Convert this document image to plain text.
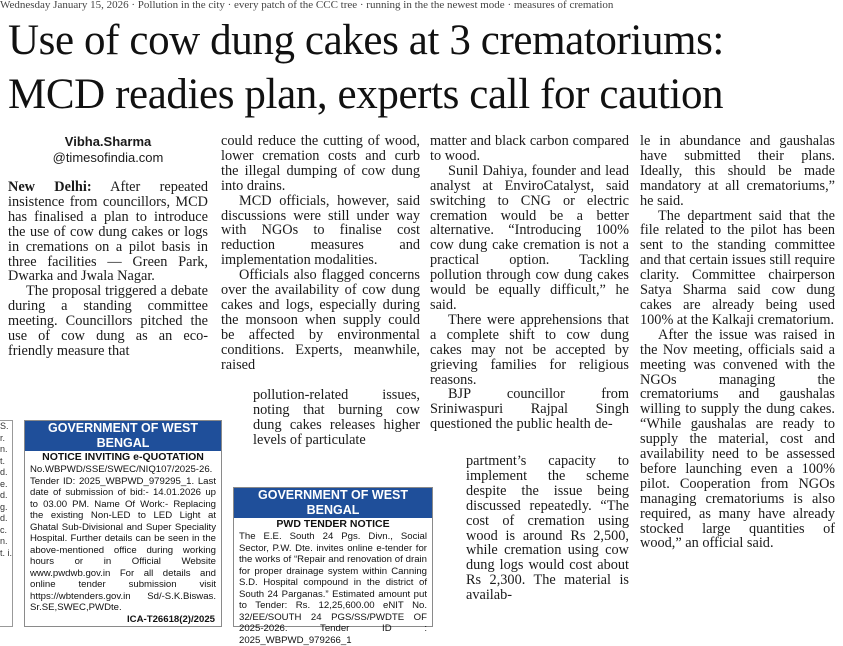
Wednesday January 15, 2026 · Pollution in the city · every patch of the CCC tree · running in the the newest mode · measures of cremation
Use of cow dung cakes at 3 crematoriums:
MCD readies plan, experts call for caution
Vibha.Sharma
@timesofindia.com

New Delhi: After repeated insistence from councillors, MCD has finalised a plan to introduce the use of cow dung cakes or logs in cremations on a pilot basis in three facilities — Green Park, Dwarka and Jwala Nagar.

The proposal triggered a debate during a standing committee meeting. Councillors pitched the use of cow dung as an eco-friendly measure that

could reduce the cutting of wood, lower cremation costs and curb the illegal dumping of cow dung into drains.

MCD officials, however, said discussions were still under way with NGOs to finalise cost reduction measures and implementation modalities.

Officials also flagged concerns over the availability of cow dung cakes and logs, especially during the monsoon when supply could be affected by environmental conditions. Experts, meanwhile, raised

pollution-related issues, noting that burning cow dung cakes releases higher levels of particulate

matter and black carbon compared to wood.

Sunil Dahiya, founder and lead analyst at EnviroCatalyst, said switching to CNG or electric cremation would be a better alternative. “Introducing 100% cow dung cake cremation is not a practical option. Tackling pollution through cow dung cakes would be equally difficult,” he said.

There were apprehensions that a complete shift to cow dung cakes may not be accepted by grieving families for religious reasons.

BJP councillor from Sriniwaspuri Rajpal Singh questioned the public health de-

partment’s capacity to implement the scheme despite the issue being discussed repeatedly. “The cost of cremation using wood is around Rs 2,500, while cremation using cow dung logs would cost about Rs 2,300. The material is availab-

le in abundance and gaushalas have submitted their plans. Ideally, this should be made mandatory at all crematoriums,” he said.

The department said that the file related to the pilot has been sent to the standing committee and that certain issues still require clarity. Committee chairperson Satya Sharma said cow dung cakes are already being used 100% at the Kalkaji crematorium.

After the issue was raised in the Nov meeting, officials said a meeting was convened with the NGOs managing the crematoriums and gaushalas willing to supply the dung cakes. “While gaushalas are ready to supply the material, cost and availability need to be assessed before launching even a 100% pilot. Cooperation from NGOs managing crematoriums is also required, as many have already stocked large quantities of wood,” an official said.

S. r. n. t. d. e. d. g. d. c. n. t. i.
GOVERNMENT OF WEST BENGAL
NOTICE INVITING e-QUOTATION
No.WBPWD/SSE/SWEC/NIQ107/2025-26. Tender ID: 2025_WBPWD_979295_1. Last date of submission of bid:- 14.01.2026 up to 03.00 PM. Name Of Work:- Replacing the existing Non-LED to LED Light at Ghatal Sub-Divisional and Super Speciality Hospital. Further details can be seen in the above-mentioned office during working hours or in Official Website www.pwdwb.gov.in For all details and online tender submission visit https://wbtenders.gov.in Sd/-S.K.Biswas. Sr.SE,SWEC,PWDte.
ICA-T26618(2)/2025
GOVERNMENT OF WEST BENGAL
PWD TENDER NOTICE
The E.E. South 24 Pgs. Divn., Social Sector, P.W. Dte. invites online e-tender for the works of “Repair and renovation of drain for proper drainage system within Canning S.D. Hospital compound in the district of South 24 Parganas.” Estimated amount put to Tender: Rs. 12,25,600.00 eNIT No. 32/EE/SOUTH 24 PGS/SS/PWDTE OF 2025-2026. Tender ID : 2025_WBPWD_979266_1
